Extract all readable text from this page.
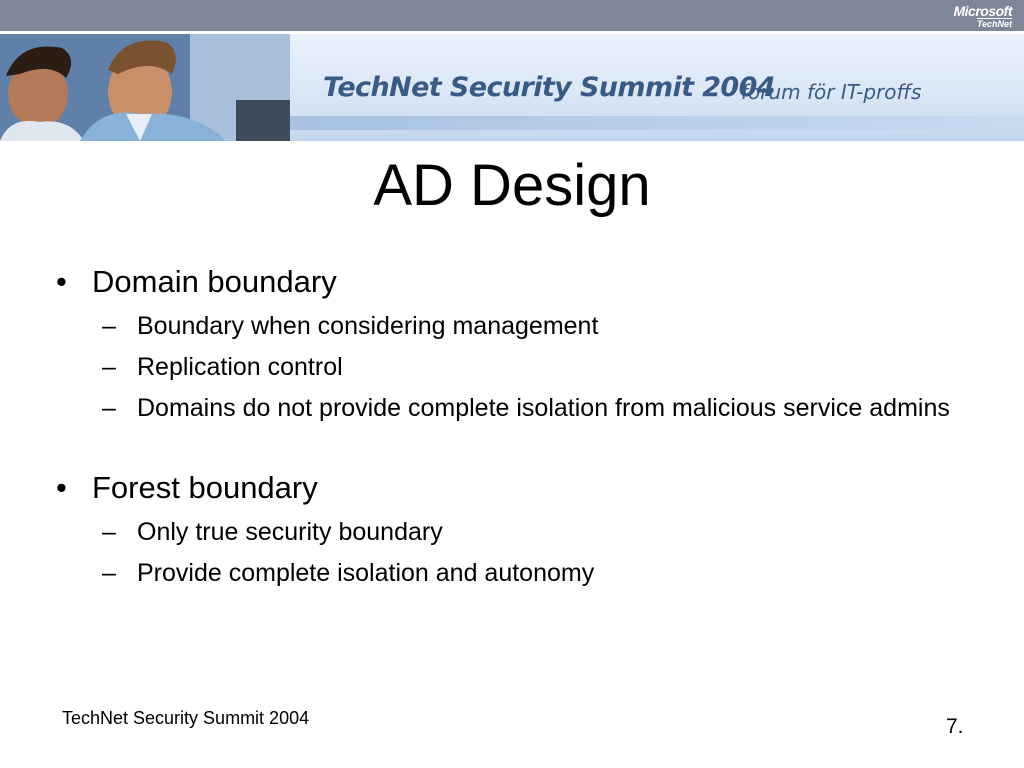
Microsoft
TechNet
TechNet Security Summit 2004
forum för IT-proffs
AD Design
• Domain boundary
– Boundary when considering management
– Replication control
– Domains do not provide complete isolation from malicious service admins
• Forest boundary
– Only true security boundary
– Provide complete isolation and autonomy
TechNet Security Summit 2004	7.
